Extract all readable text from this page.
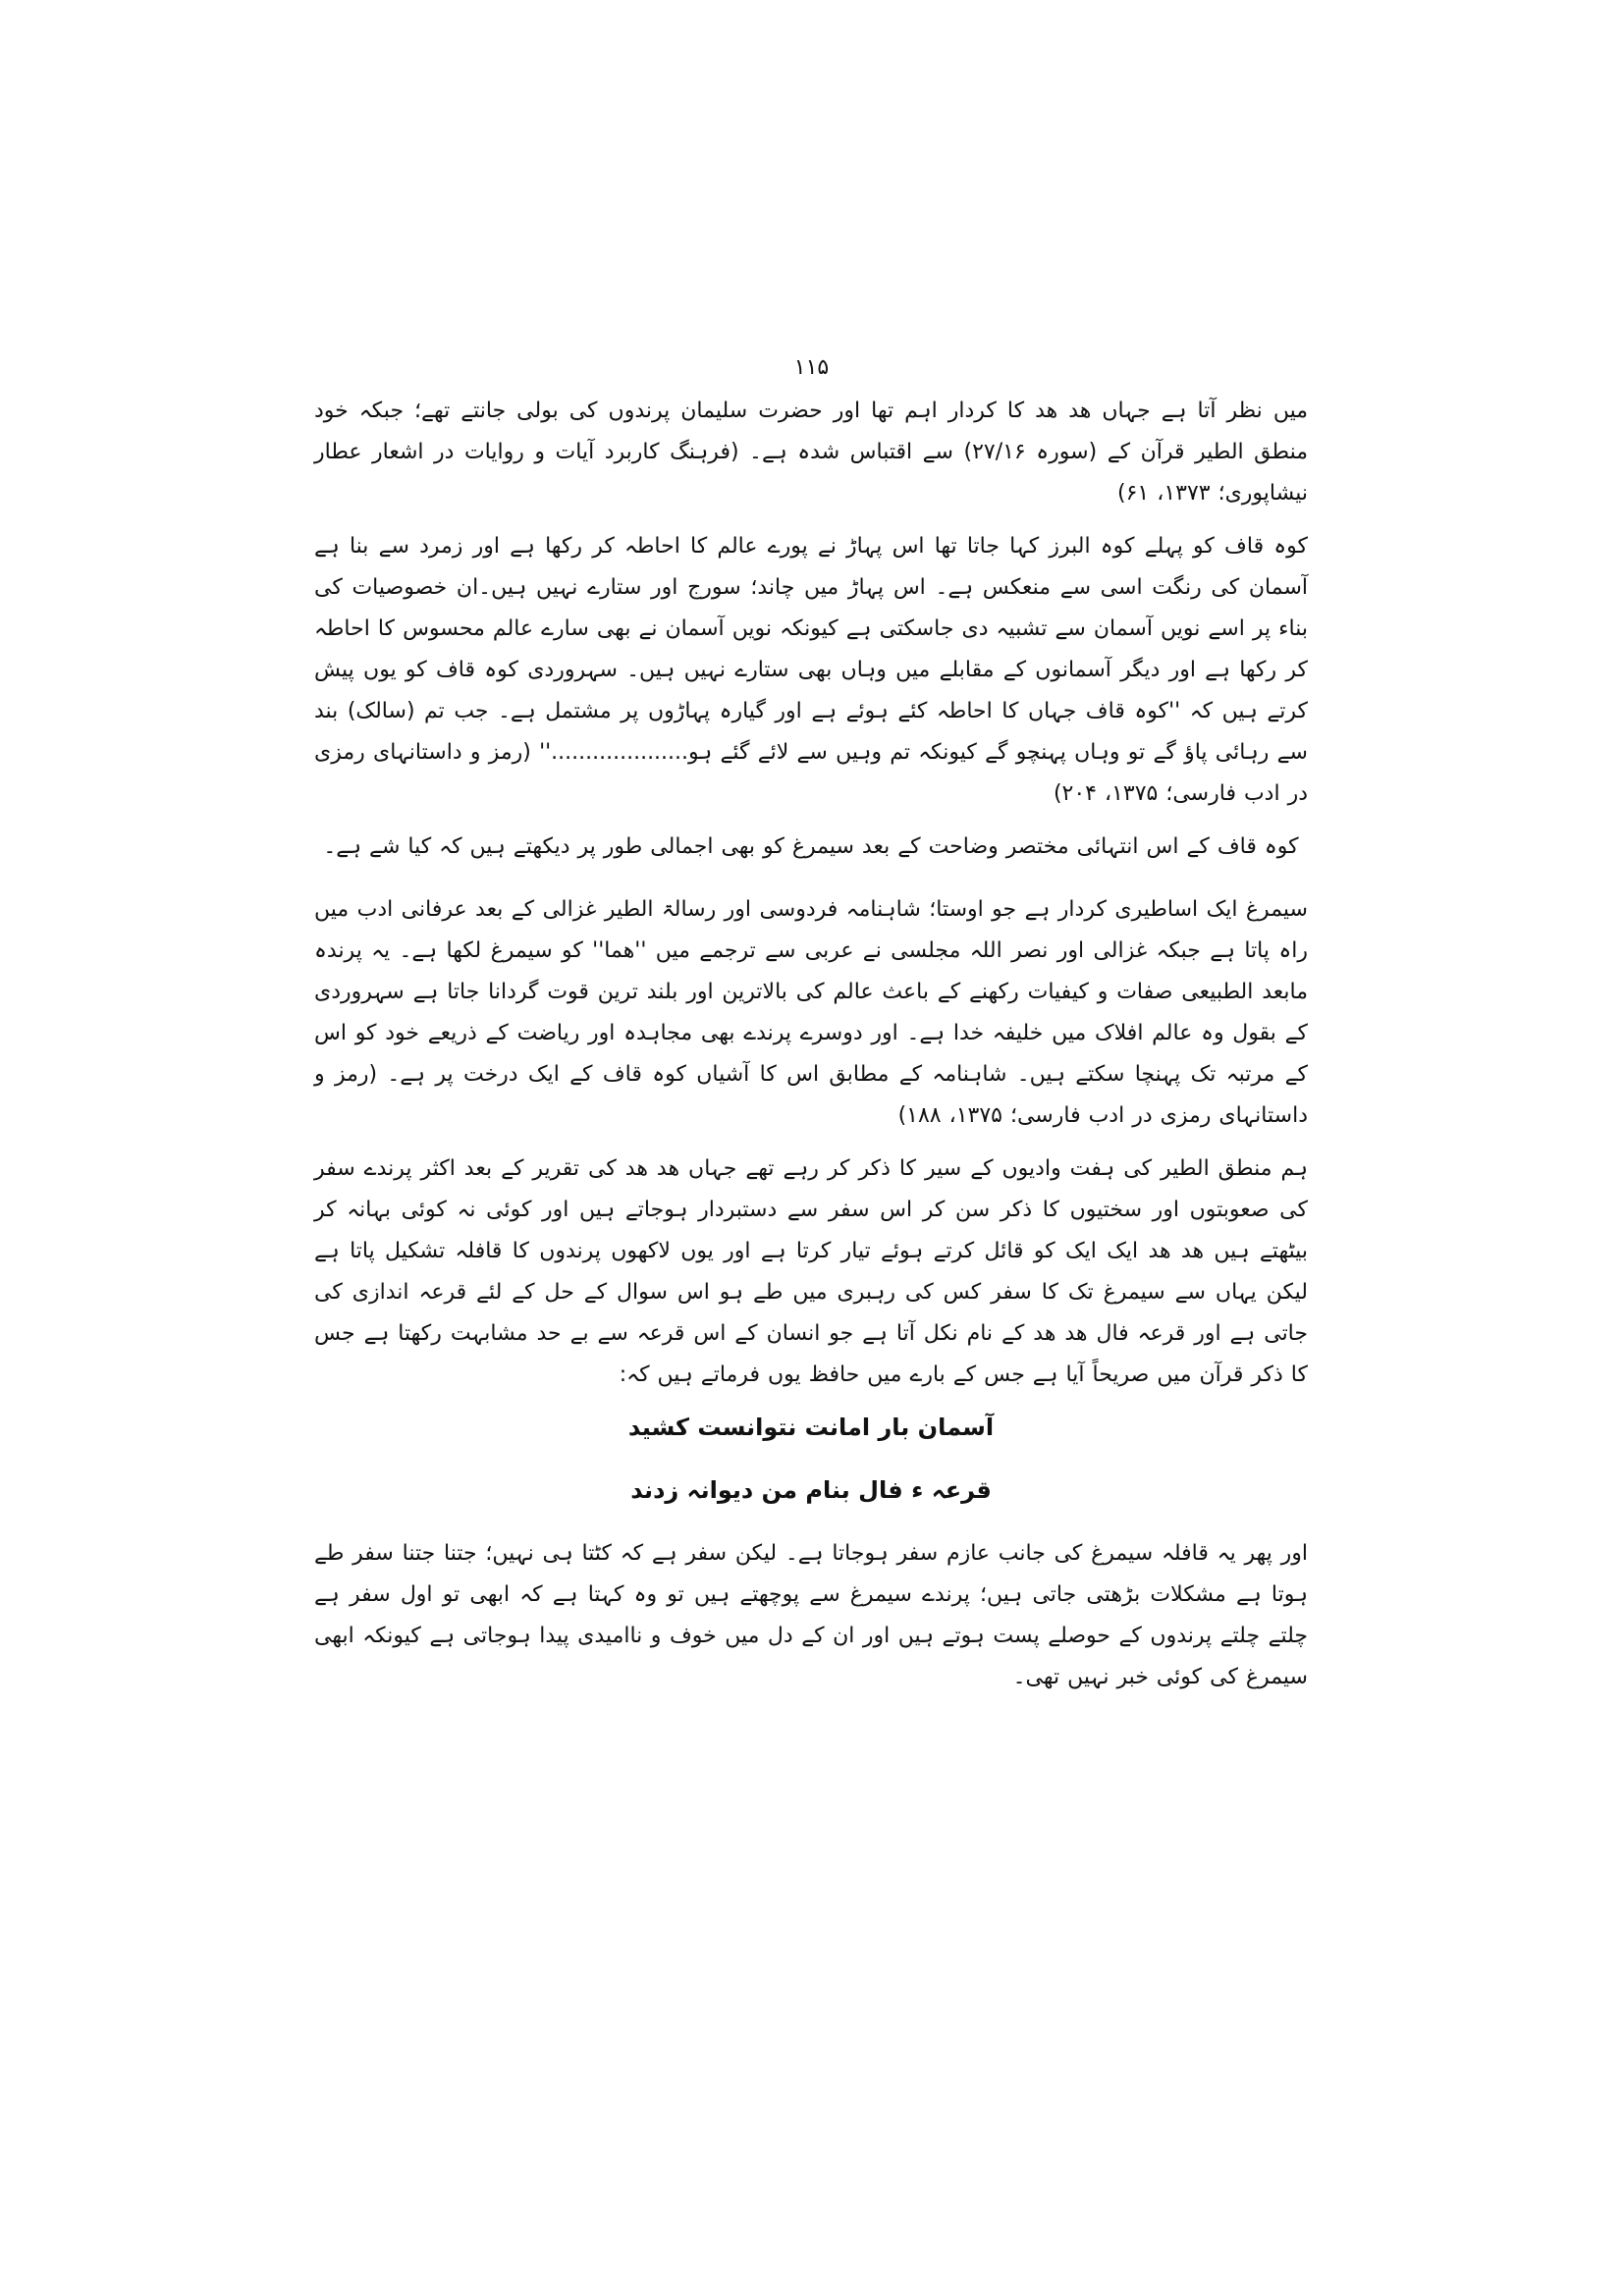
۱۱۵

میں نظر آتا ہے جہاں ھد ھد کا کردار اہم تھا اور حضرت سلیمان پرندوں کی بولی جانتے تھے؛ جبکہ خود منطق الطیر قرآن کے (سورہ ۲۷/۱۶) سے اقتباس شدہ ہے۔ (فرہنگ کاربرد آیات و روایات در اشعار عطار نیشاپوری؛ ۱۳۷۳، ۶۱)

کوہ قاف کو پہلے کوہ البرز کہا جاتا تھا اس پہاڑ نے پورے عالم کا احاطہ کر رکھا ہے اور زمرد سے بنا ہے آسمان کی رنگت اسی سے منعکس ہے۔ اس پہاڑ میں چاند؛ سورج اور ستارے نہیں ہیں۔ان خصوصیات کی بناء پر اسے نویں آسمان سے تشبیہ دی جاسکتی ہے کیونکہ نویں آسمان نے بھی سارے عالم محسوس کا احاطہ کر رکھا ہے اور دیگر آسمانوں کے مقابلے میں وہاں بھی ستارے نہیں ہیں۔ سہروردی کوہ قاف کو یوں پیش کرتے ہیں کہ ''کوہ قاف جہاں کا احاطہ کئے ہوئے ہے اور گیارہ پہاڑوں پر مشتمل ہے۔ جب تم (سالک) بند سے رہائی پاؤ گے تو وہاں پہنچو گے کیونکہ تم وہیں سے لائے گئے ہو....................'' (رمز و داستانہای رمزی در ادب فارسی؛ ۱۳۷۵، ۲۰۴)

کوہ قاف کے اس انتہائی مختصر وضاحت کے بعد سیمرغ کو بھی اجمالی طور پر دیکھتے ہیں کہ کیا شے ہے۔

سیمرغ ایک اساطیری کردار ہے جو اوستا؛ شاہنامہ فردوسی اور رسالۃ الطیر غزالی کے بعد عرفانی ادب میں راہ پاتا ہے جبکہ غزالی اور نصر اللہ مجلسی نے عربی سے ترجمے میں ''ھما'' کو سیمرغ لکھا ہے۔ یہ پرندہ مابعد الطبیعی صفات و کیفیات رکھنے کے باعث عالم کی بالاترین اور بلند ترین قوت گردانا جاتا ہے سہروردی کے بقول وہ عالم افلاک میں خلیفہ خدا ہے۔ اور دوسرے پرندے بھی مجاہدہ اور ریاضت کے ذریعے خود کو اس کے مرتبہ تک پہنچا سکتے ہیں۔ شاہنامہ کے مطابق اس کا آشیاں کوہ قاف کے ایک درخت پر ہے۔ (رمز و داستانہای رمزی در ادب فارسی؛ ۱۳۷۵، ۱۸۸)

ہم منطق الطیر کی ہفت وادیوں کے سیر کا ذکر کر رہے تھے جہاں ھد ھد کی تقریر کے بعد اکثر پرندے سفر کی صعوبتوں اور سختیوں کا ذکر سن کر اس سفر سے دستبردار ہوجاتے ہیں اور کوئی نہ کوئی بہانہ کر بیٹھتے ہیں ھد ھد ایک ایک کو قائل کرتے ہوئے تیار کرتا ہے اور یوں لاکھوں پرندوں کا قافلہ تشکیل پاتا ہے لیکن یہاں سے سیمرغ تک کا سفر کس کی رہبری میں طے ہو اس سوال کے حل کے لئے قرعہ اندازی کی جاتی ہے اور قرعہ فال ھد ھد کے نام نکل آتا ہے جو انسان کے اس قرعہ سے بے حد مشابہت رکھتا ہے جس کا ذکر قرآن میں صریحاً آیا ہے جس کے بارے میں حافظ یوں فرماتے ہیں کہ:

آسمان بار امانت نتوانست کشید
قرعہ ء فال بنام من دیوانہ زدند

اور پھر یہ قافلہ سیمرغ کی جانب عازم سفر ہوجاتا ہے۔ لیکن سفر ہے کہ کٹتا ہی نہیں؛ جتنا جتنا سفر طے ہوتا ہے مشکلات بڑھتی جاتی ہیں؛ پرندے سیمرغ سے پوچھتے ہیں تو وہ کہتا ہے کہ ابھی تو اول سفر ہے چلتے چلتے پرندوں کے حوصلے پست ہوتے ہیں اور ان کے دل میں خوف و ناامیدی پیدا ہوجاتی ہے کیونکہ ابھی سیمرغ کی کوئی خبر نہیں تھی۔
